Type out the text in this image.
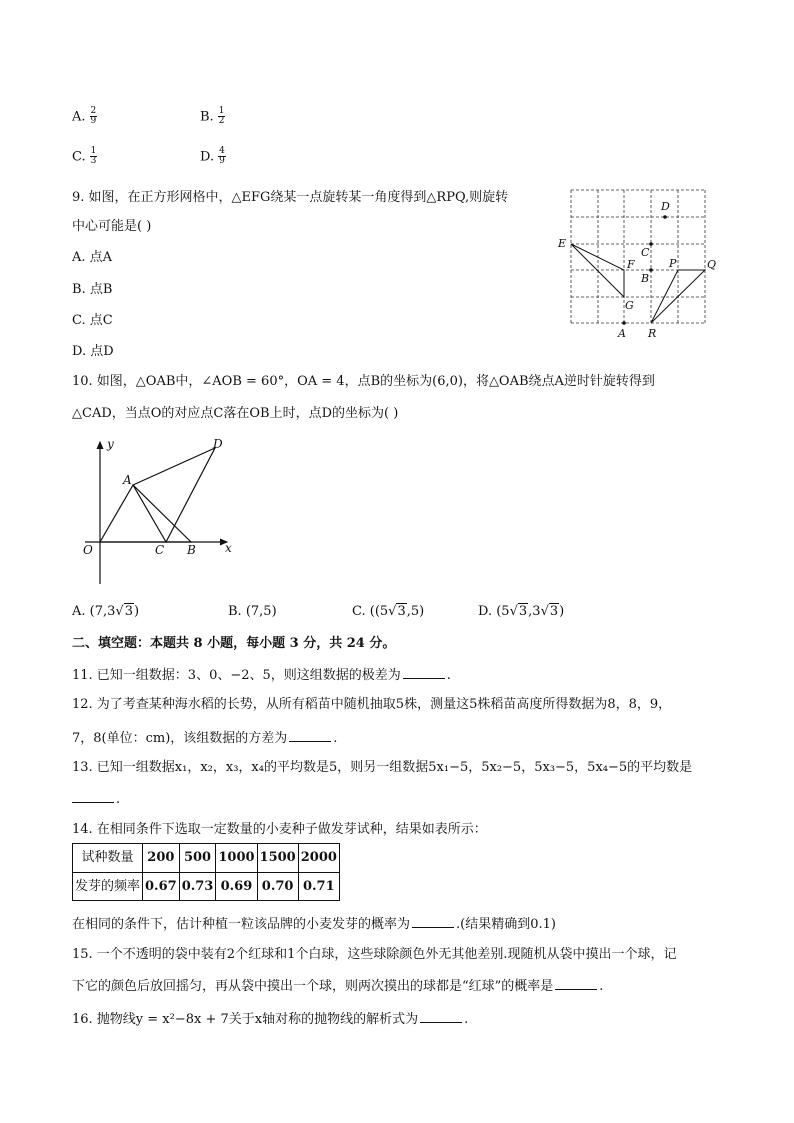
A. $\frac{2}{9}$	B. $\frac{1}{2}$
C. $\frac{1}{3}$	D. $\frac{4}{9}$
9. 如图，在正方形网格中，△EFG绕某一点旋转某一角度得到△RPQ,则旋转
中心可能是( )
A. 点A
B. 点B
C. 点C
D. 点D
E
F
G
C
B
A
D
P	Q
R
10. 如图，△OAB中，∠AOB = 60°，OA = 4，点B的坐标为(6,0)，将△OAB绕点A逆时针旋转得到
△CAD，当点O的对应点C落在OB上时，点D的坐标为( )
y
x
O
A
C B
D
A. (7,3√3)	B. (7,5)	C. ((5√3,5)	D. (5√3,3√3)
二、填空题：本题共 8 小题，每小题 3 分，共 24 分。
11. 已知一组数据：3、0、−2、5，则这组数据的极差为	.
12. 为了考查某种海水稻的长势，从所有稻苗中随机抽取5株，测量这5株稻苗高度所得数据为8，8，9，
7，8(单位：cm)，该组数据的方差为	.
13. 已知一组数据x₁，x₂，x₃，x₄的平均数是5，则另一组数据5x₁−5，5x₂−5，5x₃−5，5x₄−5的平均数是
.
14. 在相同条件下选取一定数量的小麦种子做发芽试种，结果如表所示：
试种数量	200	500	1000	1500	2000
发芽的频率	0.67	0.73	0.69	0.70	0.71
在相同的条件下，估计种植一粒该品牌的小麦发芽的概率为	.(结果精确到0.1)
15. 一个不透明的袋中装有2个红球和1个白球，这些球除颜色外无其他差别.现随机从袋中摸出一个球，记
下它的颜色后放回摇匀，再从袋中摸出一个球，则两次摸出的球都是“红球”的概率是	.
16. 抛物线y = x²−8x + 7关于x轴对称的抛物线的解析式为	.
